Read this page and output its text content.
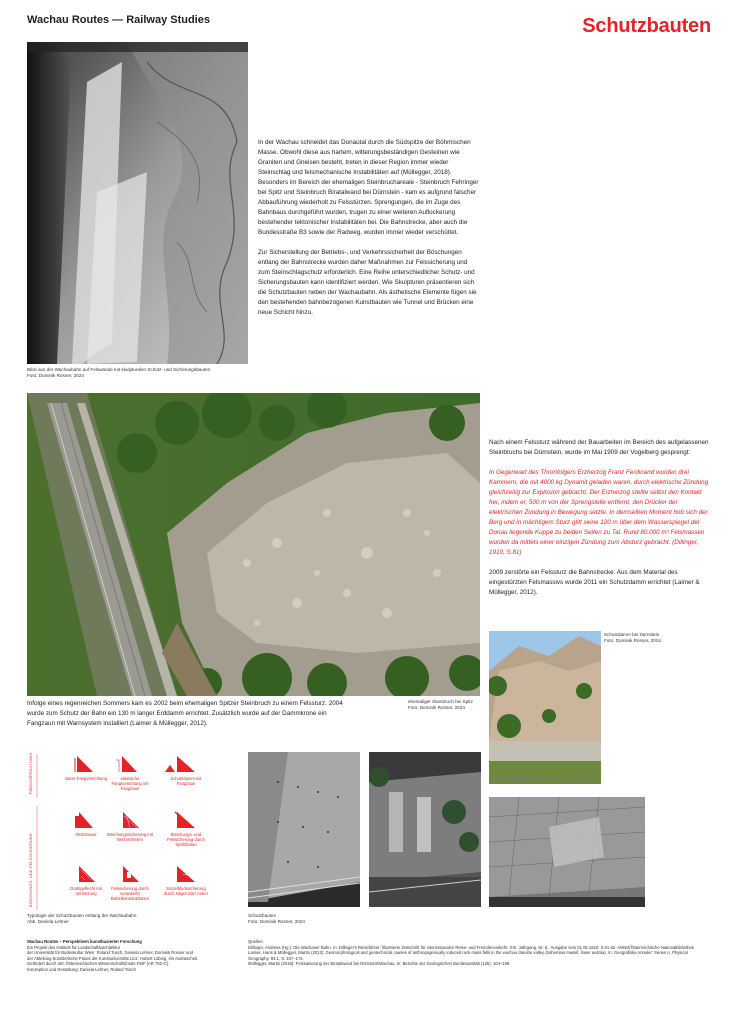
Wachau Routes — Railway Studies	Schutzbauten
Blick aus der Wachaubahn auf Felswände mit skulpturalen Schutz- und Sicherungsbauten
Foto: Dominik Rosner, 2024

In der Wachau schneidet das Donautal durch die Südspitze der Böhmischen Masse. Obwohl diese aus hartem, witterungsbeständigen Gesteinen wie Graniten und Gneisen besteht, treten in dieser Region immer wieder Steinschlag und felsmechanische Instabilitäten auf (Müllegger, 2018). Besonders im Bereich der ehemaligen Steinbruchareale - Steinbruch Fehringer bei Spitz und Steinbruch Biratalwand bei Dürnstein - kam es aufgrund falscher Abbauführung wiederholt zu Felsstürzen. Sprengungen, die im Zuge des Bahnbaus durchgeführt wurden, trugen zu einer weiteren Auflockerung bestehender tektonischer Instabilitäten bei. Die Bahnstrecke, aber auch die Bundesstraße B3 sowie der Radweg, wurden immer wieder verschüttet.

Zur Sicherstellung der Betriebs-, und Verkehrssicherheit der Böschungen entlang der Bahnstrecke wurden daher Maßnahmen zur Felssicherung und zum Steinschlagschutz erforderlich. Eine Reihe unterschiedlicher Schutz- und Sicherungsbauten kann identifiziert werden. Wie Skulpturen präsentieren sich die Schutzbauten neben der Wachaubahn. Als ästhetische Elemente fügen sie den bestehenden bahnbezogenen Kunstbauten wie Tunnel und Brücken eine neue Schicht hinzu.

ehemaliger Steinbruch bei Spitz
Foto: Dominik Rosner, 2024

Nach einem Felssturz während der Bauarbeiten im Bereich des aufgelassenen Steinbruchs bei Dürnstein, wurde im Mai 1909 der Vogelberg gesprengt:

In Gegenwart des Thronfolgers Erzherzog Franz Ferdinand wurden drei Kammern, die mit 4000 kg Dynamit geladen waren, durch elektrische Zündung gleichzeitig zur Explosion gebracht. Der Erzherzog stellte selbst den Kontakt her, indem er, 500 m von der Sprengstelle entfernt, den Drücker der elektrischen Zündung in Bewegung setzte. In demselben Moment hob sich der Berg und in mächtigem Sturz glitt seine 120 m über dem Wasserspiegel der Donau liegende Kuppe zu beiden Seiten zu Tal. Rund 80.000 m³ Felsmassen wurden da mittels einer einzigen Zündung zum Absturz gebracht. (Dillinger, 1910, S.81)

2009 zerstörte ein Felssturz die Bahnstrecke. Aus dem Material des eingestürzten Felsmassivs wurde 2011 ein Schutzdamm errichtet (Laimer & Müllegger, 2012).

Infolge eines regenreichen Sommers kam es 2002 beim ehemaligen Spitzer Steinbruch zu einem Felssturz. 2004 wurde zum Schutz der Bahn ein 130 m langer Erddamm errichtet. Zusätzlich wurde auf der Dammkrone ein Fangzaun mit Warnsystem installiert (Laimer & Müllegger, 2012).
Schutzdamm bei Dürnstein
Foto: Dominik Rosner, 2024
FANGVORRICHTUNG
BÖSCHUNGS- UND FELSSICHERUNG
starre Fangvorrichtung	elastische Fangvorrichtung mit Fangzaun
Schutzdamm mit Fangzaun
Stützmauer	Böschungssicherung mit Netzen/Seilen
Böschungs- und Felssicherung durch Spritzbeton
Drahtgeflecht mit Vernetzung
Felssicherung durch verankerte Betonkonstruktionen
Einzelblocksicherung durch Nägel oder Anker
Typologie der Schutzbauten entlang der Wachaubahn
Abb. Daniela Lehner
Schutzbauten
Foto: Dominik Rosner, 2024
Wachau Routes – Perspektiven kunstbasierter Forschung
Ein Projekt des Instituts für Landschaftsarchitektur
der Universität für Bodenkultur Wien: Roland Tusch, Daniela Lehner, Dominik Rosner und
der Abteilung Künstlerische Praxis der Kunstuniversität Linz: Hubert Lobnig, Iris Andraschek.
Gefördert durch den Österreichischen Wissenschaftsfonds FWF [AR 762-G].
Konzeption und Gestaltung: Daniela Lehner, Roland Tusch
Quellen:
Dillinger, Andreas (Hg.): Die Wachauer Bahn. In: Dillinger's Reiseführer: Illustrierte Zeitschrift für internationalen Reise- und Fremdenverkehr, XXI. Jahrgang, Nr. 6., Ausgabe vom 01.05.1910: S.81-82. ANNO/Österreichische Nationalbibliothek
Laimer, Hans & Müllegger, Martin (2012): Geomorphological and geotechnical causes of anthropogenically induced rock mass falls in the wachau danube valley (bohemian massif, lower austria). In: Geografiska Annaler: Series A, Physical Geography, 94:1, S. 157–174.
Müllegger, Martin (2018): Felssanierung der Biratalwand bei Dürnstein/Wachau. In: Berichte der Geologischen Bundesanstalt (125): 104–109.
